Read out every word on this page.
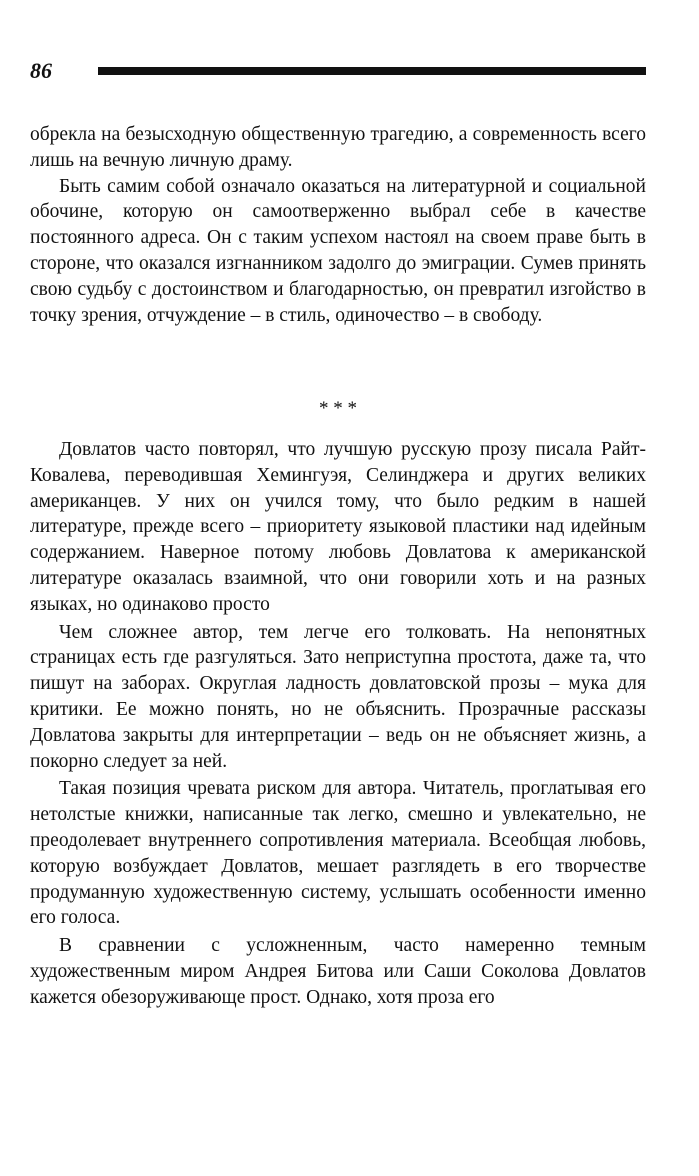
86

обрекла на безысходную общественную трагедию, а современность всего лишь на вечную личную драму.

Быть самим собой означало оказаться на литературной и социальной обочине, которую он самоотверженно выбрал себе в качестве постоянного адреса. Он с таким успехом настоял на своем праве быть в стороне, что оказался изгнанником задолго до эмиграции. Сумев принять свою судьбу с достоинством и благодарностью, он превратил изгойство в точку зрения, отчуждение – в стиль, одиночество – в свободу.

* * *

Довлатов часто повторял, что лучшую русскую прозу писала Райт-Ковалева, переводившая Хемингуэя, Селинджера и других великих американцев. У них он учился тому, что было редким в нашей литературе, прежде всего – приоритету языковой пластики над идейным содержанием. Наверное потому любовь Довлатова к американской литературе оказалась взаимной, что они говорили хоть и на разных языках, но одинаково просто

Чем сложнее автор, тем легче его толковать. На непонятных страницах есть где разгуляться. Зато неприступна простота, даже та, что пишут на заборах. Округлая ладность довлатовской прозы – мука для критики. Ее можно понять, но не объяснить. Прозрачные рассказы Довлатова закрыты для интерпретации – ведь он не объясняет жизнь, а покорно следует за ней.

Такая позиция чревата риском для автора. Читатель, проглатывая его нетолстые книжки, написанные так легко, смешно и увлекательно, не преодолевает внутреннего сопротивления материала. Всеобщая любовь, которую возбуждает Довлатов, мешает разглядеть в его творчестве продуманную художественную систему, услышать особенности именно его голоса.

В сравнении с усложненным, часто намеренно темным художественным миром Андрея Битова или Саши Соколова Довлатов кажется обезоруживающе прост. Однако, хотя проза его
